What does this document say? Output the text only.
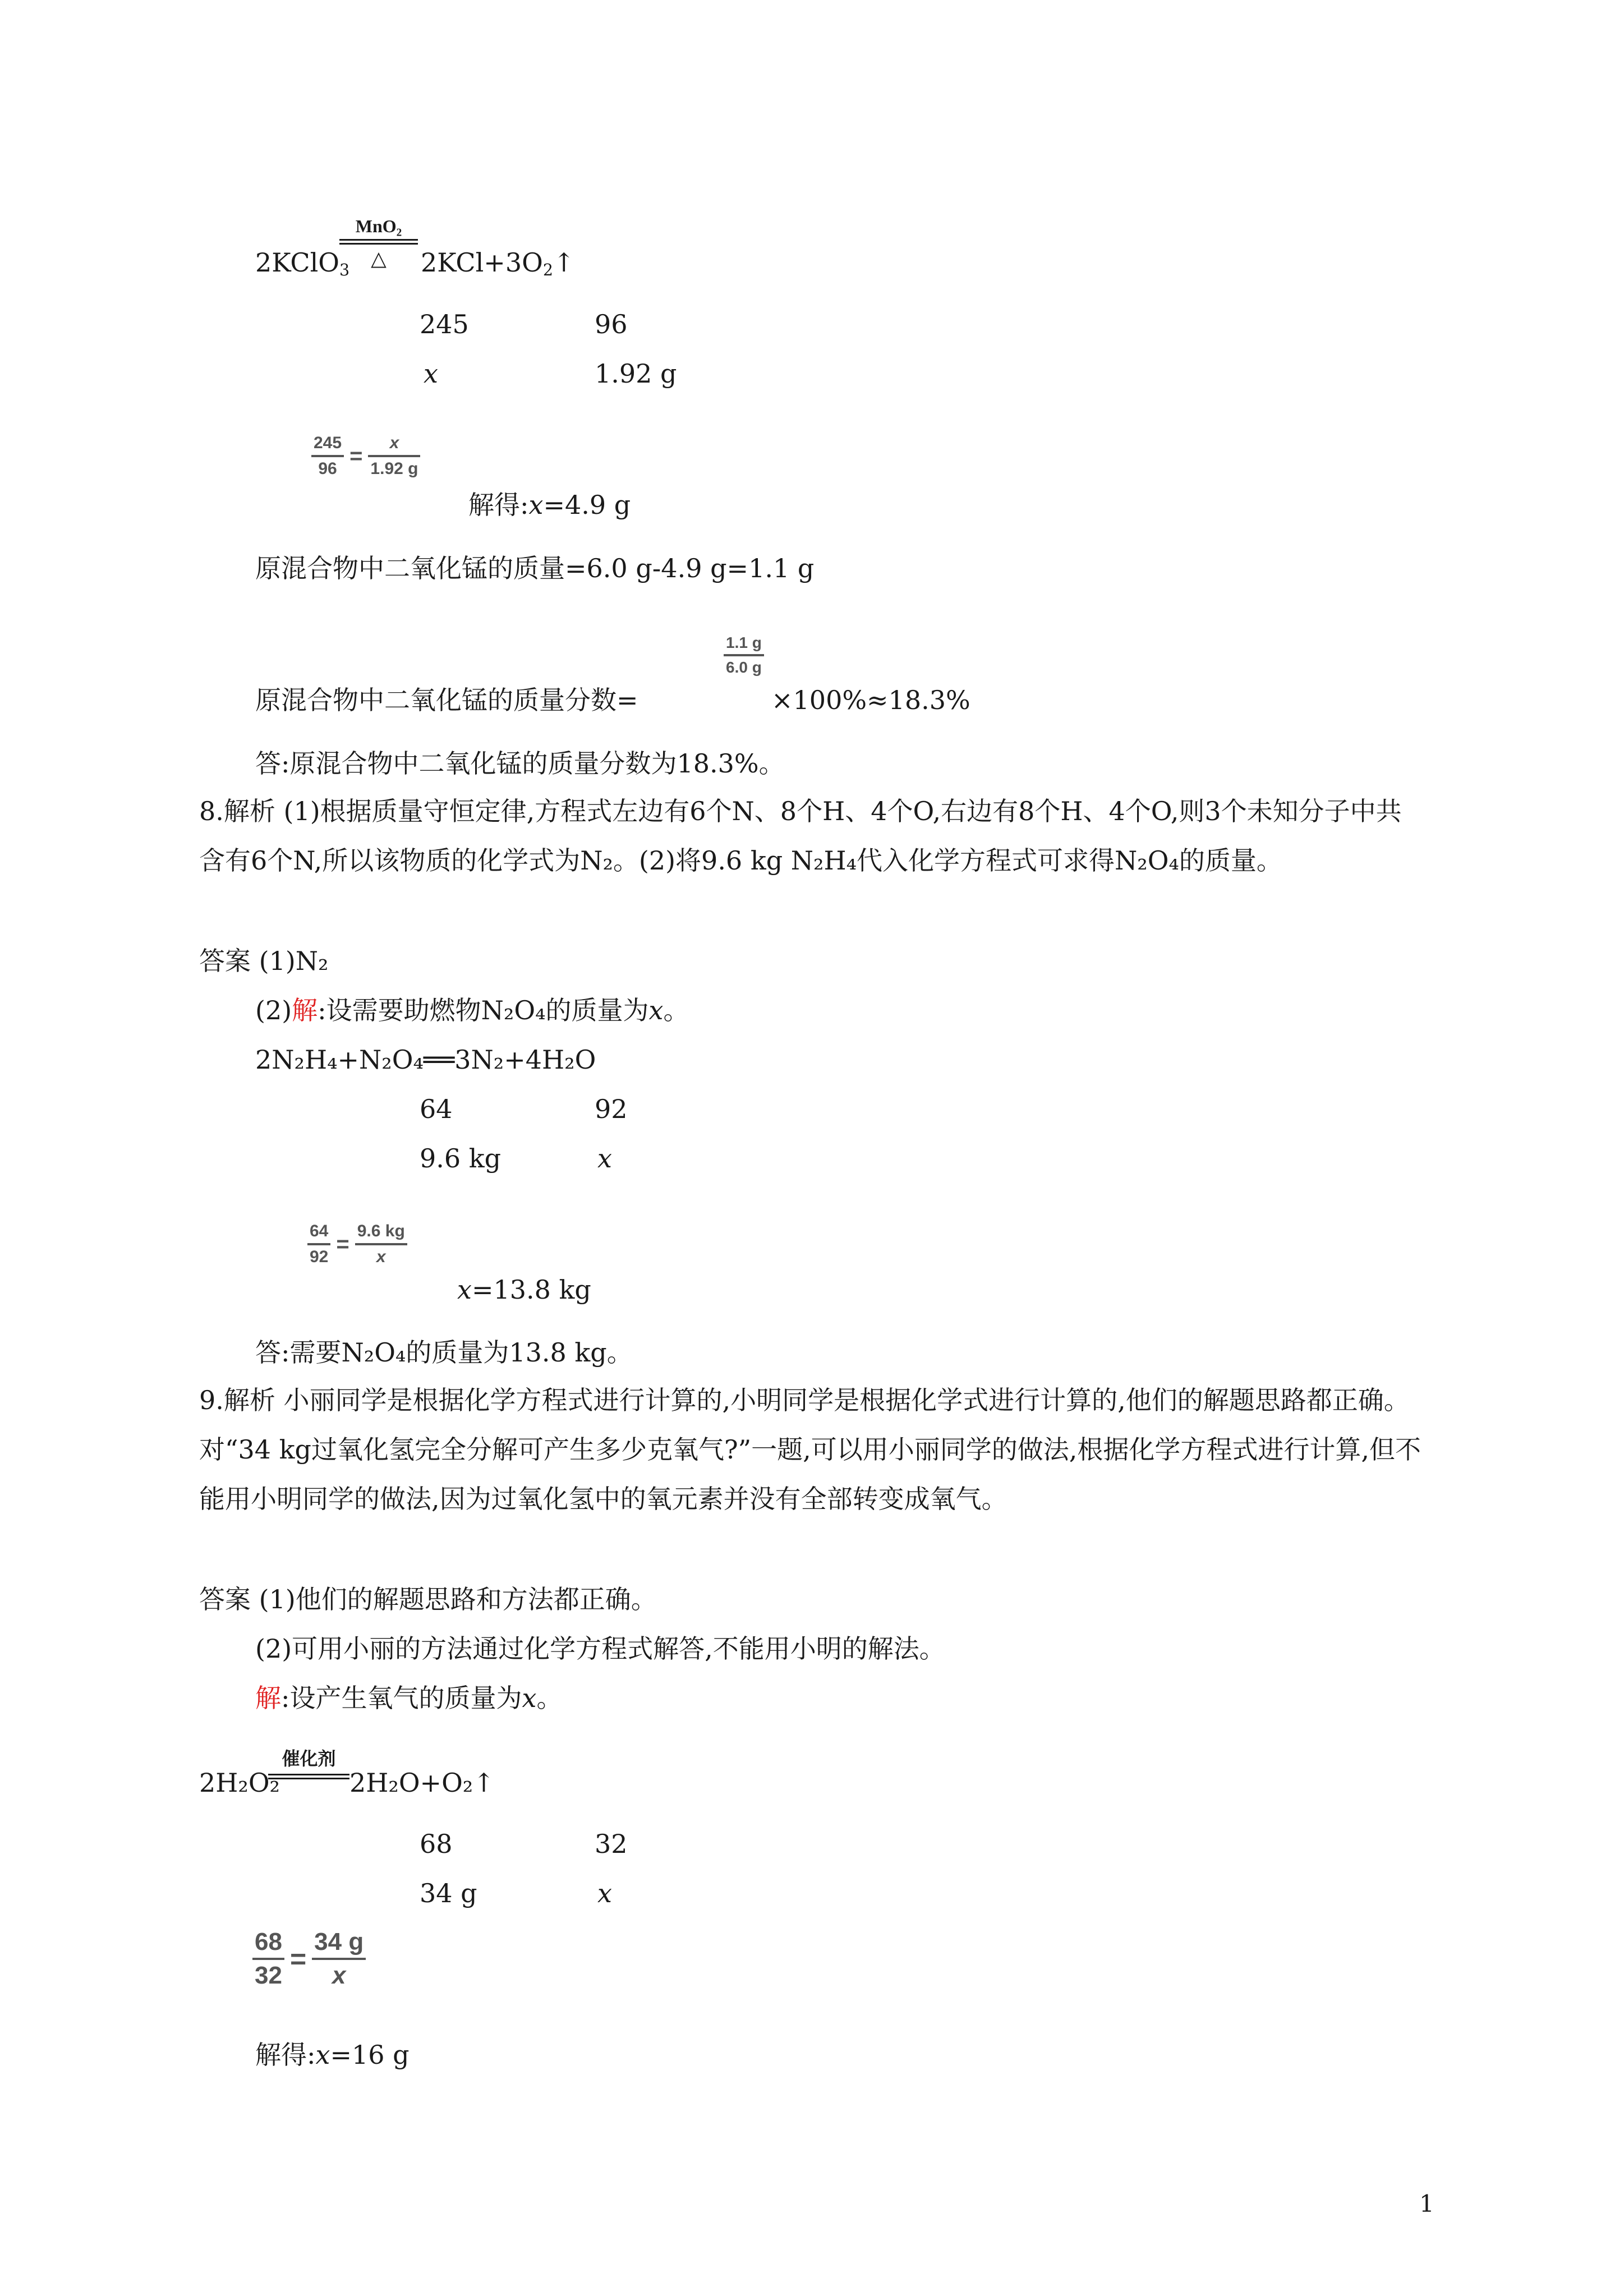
2KClO$_3$
MnO₂
△ $2KCl+3O_2↑$
245	96
x	1.92 g
$\frac{245}{96} = \frac{x}{1.92 g}$
解得:x=4.9 g
原混合物中二氧化锰的质量=6.0 g-4.9 g=1.1 g
原混合物中二氧化锰的质量分数=
$\frac{1.1 g}{6.0 g}$
×100%≈18.3%
答:原混合物中二氧化锰的质量分数为18.3%。
8.解析 (1)根据质量守恒定律,方程式左边有6个N、8个H、4个O,右边有8个H、4个O,则3个未知分子中共含有6个N,所以该物质的化学式为N₂。(2)将9.6 kg N₂H₄代入化学方程式可求得N₂O₄的质量。
答案 (1)N₂
(2)解:设需要助燃物N₂O₄的质量为x。
2N₂H₄+N₂O₄══3N₂+4H₂O
64	92
9.6 kg	x
$\frac{64}{92} = \frac{9.6 kg}{x}$
x=13.8 kg
答:需要N₂O₄的质量为13.8 kg。
9.解析 小丽同学是根据化学方程式进行计算的,小明同学是根据化学式进行计算的,他们的解题思路都正确。对“34 kg过氧化氢完全分解可产生多少克氧气?”一题,可以用小丽同学的做法,根据化学方程式进行计算,但不能用小明同学的做法,因为过氧化氢中的氧元素并没有全部转变成氧气。
答案 (1)他们的解题思路和方法都正确。
(2)可用小丽的方法通过化学方程式解答,不能用小明的解法。
解:设产生氧气的质量为x。
2H₂O₂
催化剂
2H₂O+O₂↑
68	32
34 g	x
$\frac{68}{32} = \frac{34 g}{x}$
解得:x=16 g
1
